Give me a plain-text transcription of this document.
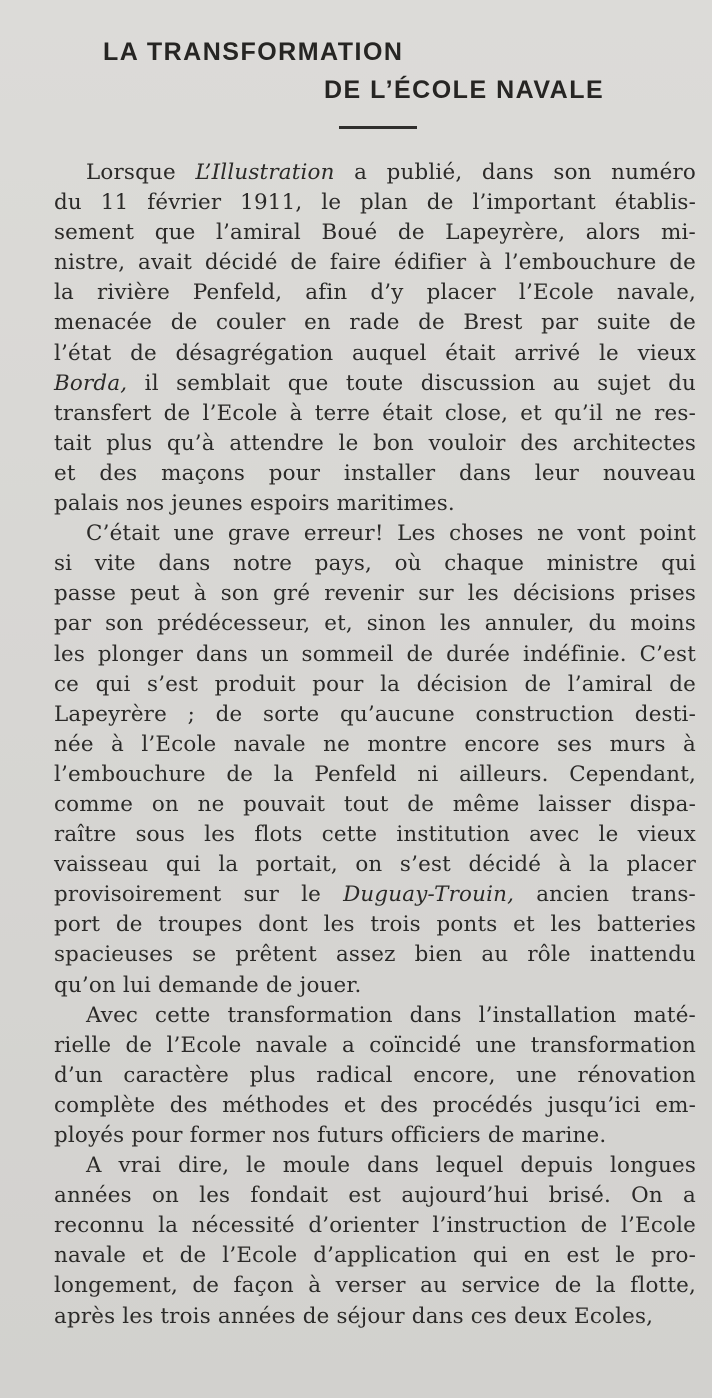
LA TRANSFORMATION
DE L’ÉCOLE NAVALE
Lorsque L’Illustration a publié, dans son numéro
du 11 février 1911, le plan de l’important établis-
sement que l’amiral Boué de Lapeyrère, alors mi-
nistre, avait décidé de faire édifier à l’embouchure de
la rivière Penfeld, afin d’y placer l’Ecole navale,
menacée de couler en rade de Brest par suite de
l’état de désagrégation auquel était arrivé le vieux
Borda, il semblait que toute discussion au sujet du
transfert de l’Ecole à terre était close, et qu’il ne res-
tait plus qu’à attendre le bon vouloir des architectes
et des maçons pour installer dans leur nouveau
palais nos jeunes espoirs maritimes.
C’était une grave erreur! Les choses ne vont point
si vite dans notre pays, où chaque ministre qui
passe peut à son gré revenir sur les décisions prises
par son prédécesseur, et, sinon les annuler, du moins
les plonger dans un sommeil de durée indéfinie. C’est
ce qui s’est produit pour la décision de l’amiral de
Lapeyrère ; de sorte qu’aucune construction desti-
née à l’Ecole navale ne montre encore ses murs à
l’embouchure de la Penfeld ni ailleurs. Cependant,
comme on ne pouvait tout de même laisser dispa-
raître sous les flots cette institution avec le vieux
vaisseau qui la portait, on s’est décidé à la placer
provisoirement sur le Duguay-Trouin, ancien trans-
port de troupes dont les trois ponts et les batteries
spacieuses se prêtent assez bien au rôle inattendu
qu’on lui demande de jouer.
Avec cette transformation dans l’installation maté-
rielle de l’Ecole navale a coïncidé une transformation
d’un caractère plus radical encore, une rénovation
complète des méthodes et des procédés jusqu’ici em-
ployés pour former nos futurs officiers de marine.
A vrai dire, le moule dans lequel depuis longues
années on les fondait est aujourd’hui brisé. On a
reconnu la nécessité d’orienter l’instruction de l’Ecole
navale et de l’Ecole d’application qui en est le pro-
longement, de façon à verser au service de la flotte,
après les trois années de séjour dans ces deux Ecoles,
